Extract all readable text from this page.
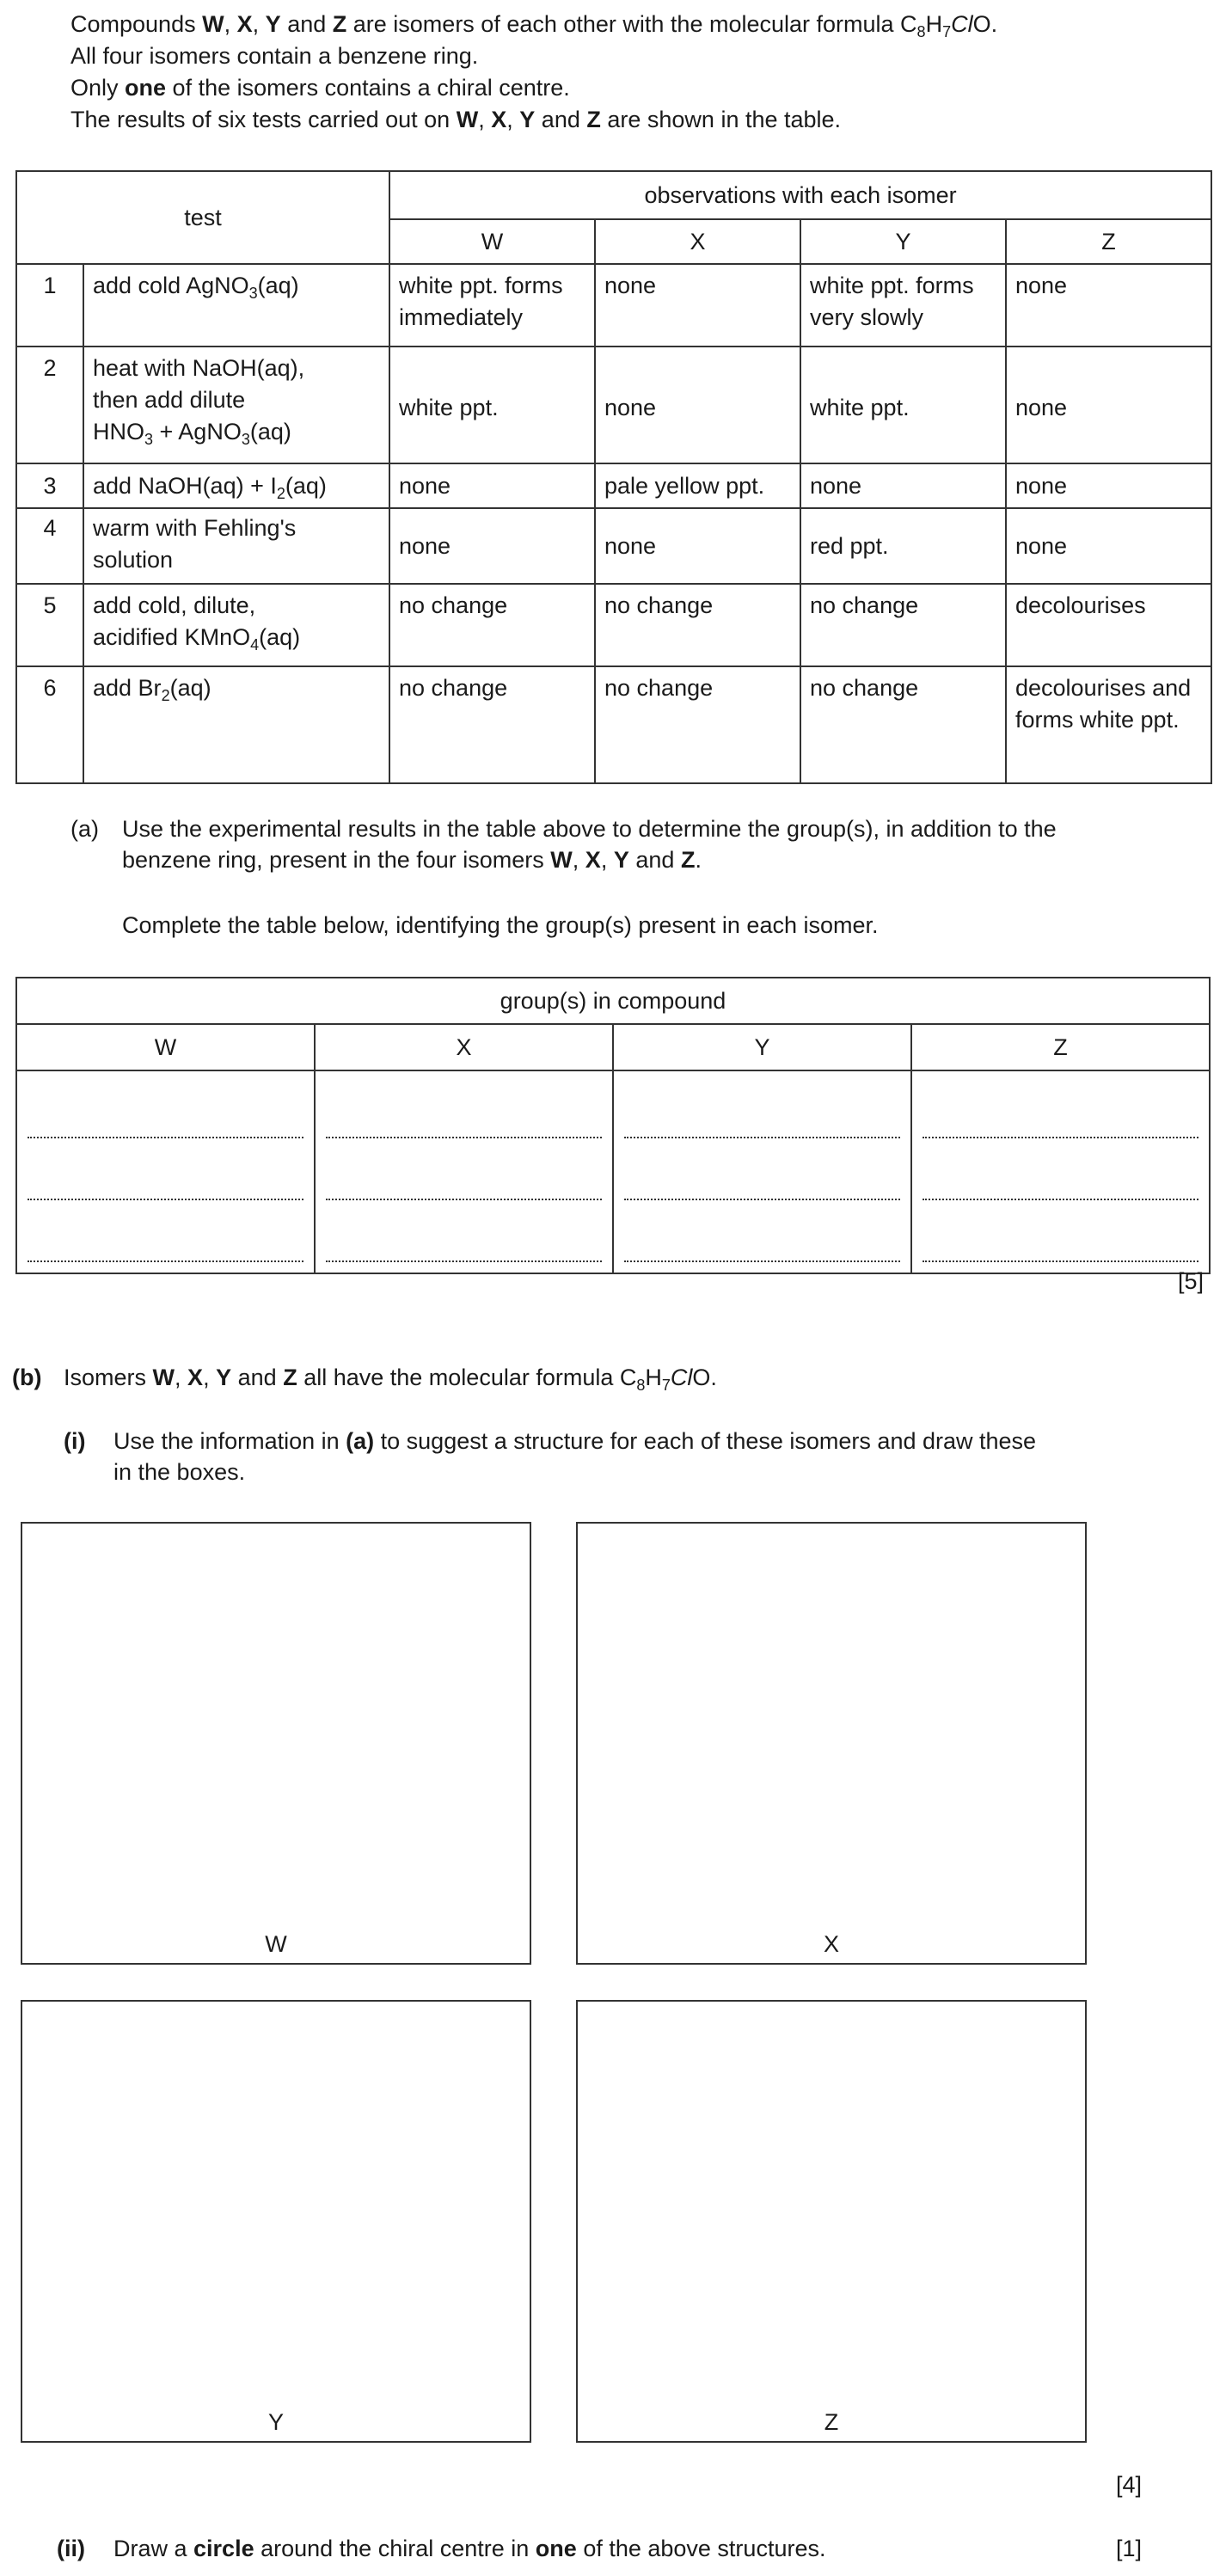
Compounds W, X, Y and Z are isomers of each other with the molecular formula $C_8H_7ClO$.
All four isomers contain a benzene ring.
Only one of the isomers contains a chiral centre.
The results of six tests carried out on W, X, Y and Z are shown in the table.
test		observations with each isomer			
		W	X	Y	Z
1	add cold AgNO$_3$(aq)	white ppt. forms immediately	none	white ppt. forms very slowly	none
2	heat with NaOH(aq),
then add dilute
$HNO_3$ + AgNO$_3$(aq)	white ppt.	none	white ppt.	none
3	add NaOH(aq) + $I_2(aq)$	none	pale yellow ppt.	none	none
4	warm with Fehling's solution	none	none	red ppt.	none
5	add cold, dilute,
acidified KMnO$_4$(aq)	no change	no change	no change	decolourises
6	add $Br_2(aq)$	no change	no change	no change	decolourises and forms white ppt.
(a) Use the experimental results in the table above to determine the group(s), in addition to the
benzene ring, present in the four isomers W, X, Y and Z.
Complete the table below, identifying the group(s) present in each isomer.
group(s) in compound			
W	X	Y	Z

[5]
(b) Isomers W, X, Y and Z all have the molecular formula $C_8H_7ClO$.
(i) Use the information in (a) to suggest a structure for each of these isomers and draw these
in the boxes.
W	X
Y	Z
[4]
(ii) Draw a circle around the chiral centre in one of the above structures.	[1]
